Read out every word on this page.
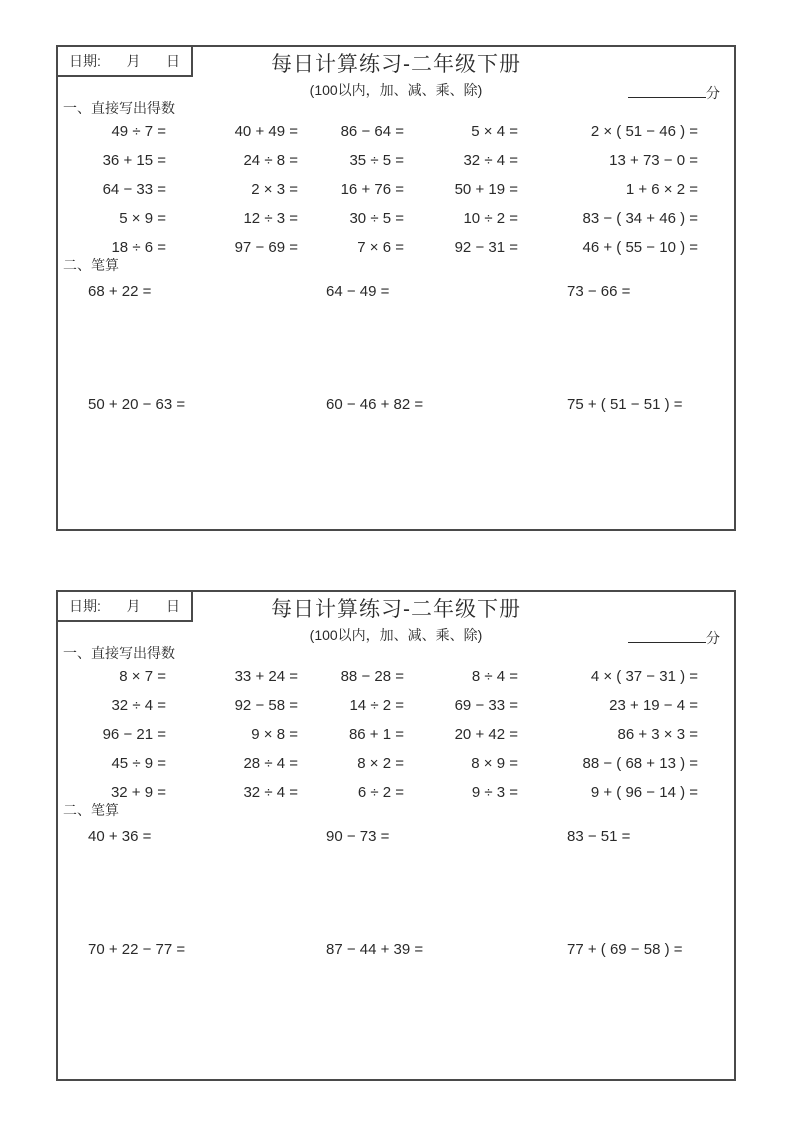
日期: 月 日
分
每日计算练习-二年级下册
(100以内，加、减、乘、除)
一、直接写出得数
49 ÷ 7 =	40 + 49 =	86 − 64 =	5 × 4 =	2 × ( 51 − 46 ) =
36 + 15 =	24 ÷ 8 =	35 ÷ 5 =	32 ÷ 4 =	13 + 73 − 0 =
64 − 33 =	2 × 3 =	16 + 76 =	50 + 19 =	1 + 6 × 2 =
5 × 9 =	12 ÷ 3 =	30 ÷ 5 =	10 ÷ 2 =	83 − ( 34 + 46 ) =
18 ÷ 6 =	97 − 69 =	7 × 6 =	92 − 31 =	46 + ( 55 − 10 ) =
二、笔算
68 + 22 =	64 − 49 =	73 − 66 =
50 + 20 − 63 =	60 − 46 + 82 =	75 + ( 51 − 51 ) =
日期: 月 日
分
每日计算练习-二年级下册
(100以内，加、减、乘、除)
一、直接写出得数
8 × 7 =	33 + 24 =	88 − 28 =	8 ÷ 4 =	4 × ( 37 − 31 ) =
32 ÷ 4 =	92 − 58 =	14 ÷ 2 =	69 − 33 =	23 + 19 − 4 =
96 − 21 =	9 × 8 =	86 + 1 =	20 + 42 =	86 + 3 × 3 =
45 ÷ 9 =	28 ÷ 4 =	8 × 2 =	8 × 9 =	88 − ( 68 + 13 ) =
32 + 9 =	32 ÷ 4 =	6 ÷ 2 =	9 ÷ 3 =	9 + ( 96 − 14 ) =
二、笔算
40 + 36 =	90 − 73 =	83 − 51 =
70 + 22 − 77 =	87 − 44 + 39 =	77 + ( 69 − 58 ) =
